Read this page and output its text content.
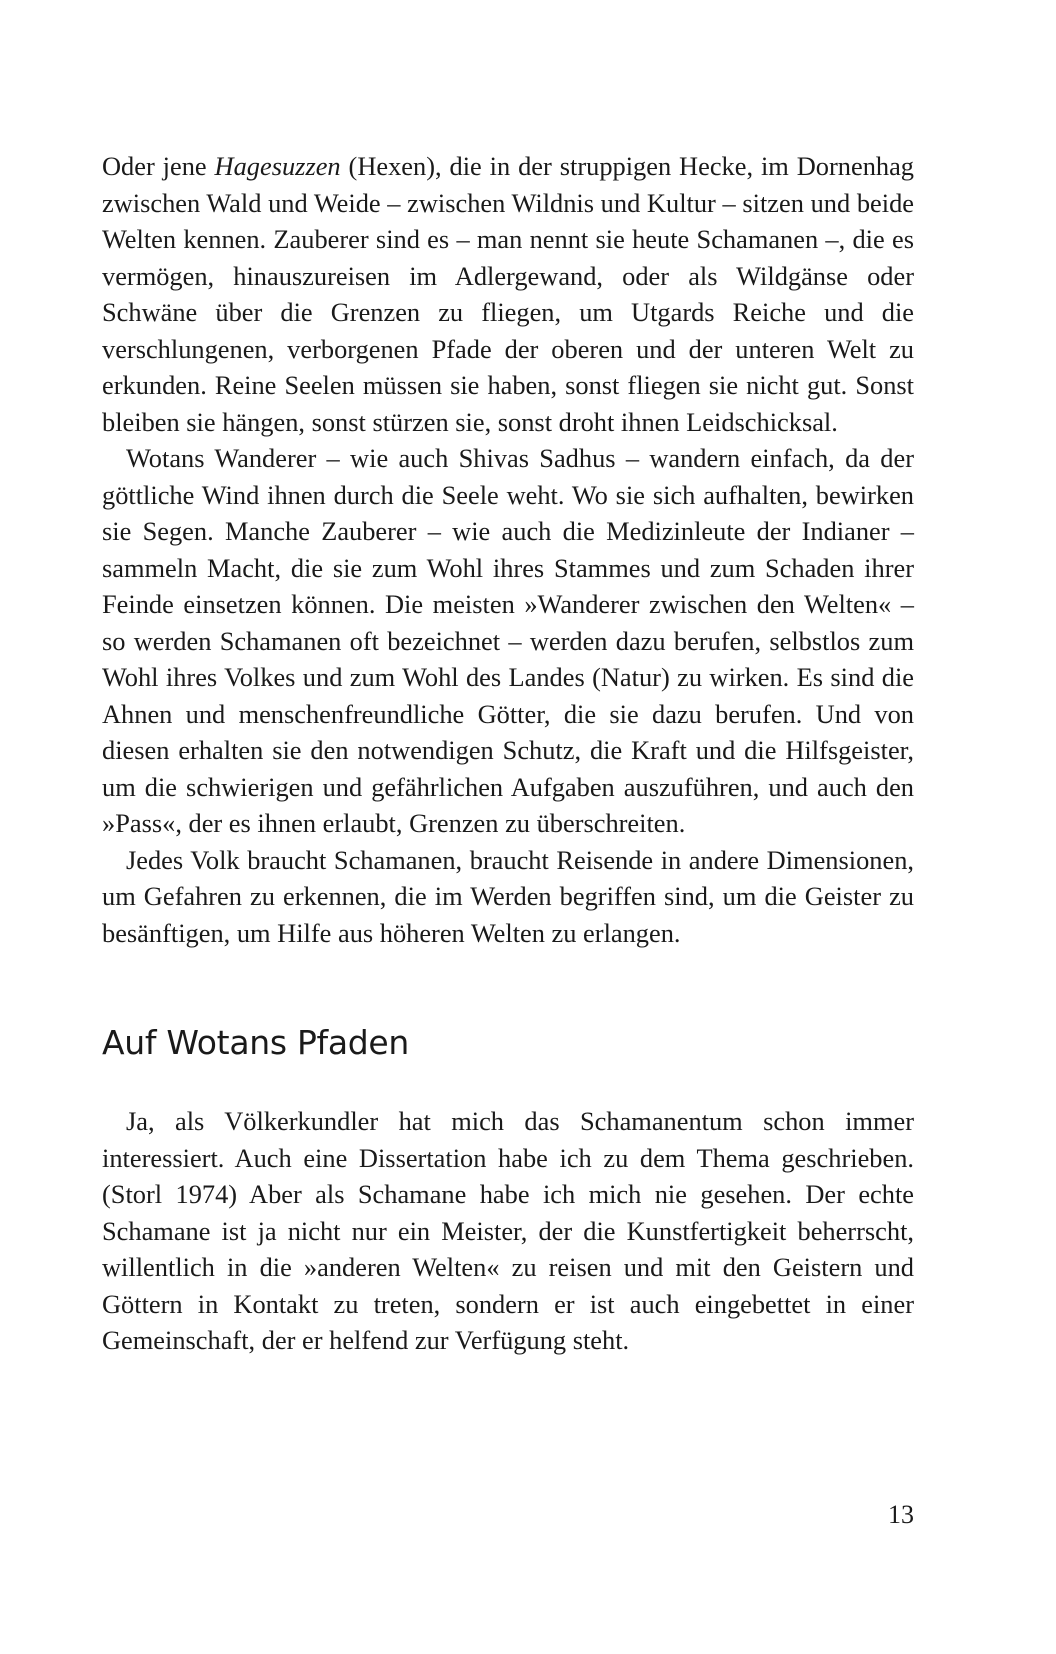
Oder jene Hagesuzzen (Hexen), die in der struppigen Hecke, im Dornenhag zwischen Wald und Weide – zwischen Wildnis und Kultur – sitzen und beide Welten kennen. Zauberer sind es – man nennt sie heute Schamanen –, die es vermögen, hinauszureisen im Adlergewand, oder als Wildgänse oder Schwäne über die Grenzen zu fliegen, um Utgards Reiche und die verschlungenen, verborgenen Pfade der oberen und der unteren Welt zu erkunden. Reine Seelen müssen sie haben, sonst fliegen sie nicht gut. Sonst bleiben sie hängen, sonst stürzen sie, sonst droht ihnen Leidschicksal.

Wotans Wanderer – wie auch Shivas Sadhus – wandern einfach, da der göttliche Wind ihnen durch die Seele weht. Wo sie sich aufhalten, bewirken sie Segen. Manche Zauberer – wie auch die Medizinleute der Indianer – sammeln Macht, die sie zum Wohl ihres Stammes und zum Schaden ihrer Feinde einsetzen können. Die meisten »Wanderer zwischen den Welten« – so werden Schamanen oft bezeichnet – werden dazu berufen, selbstlos zum Wohl ihres Volkes und zum Wohl des Landes (Natur) zu wirken. Es sind die Ahnen und menschenfreundliche Götter, die sie dazu berufen. Und von diesen erhalten sie den notwendigen Schutz, die Kraft und die Hilfsgeister, um die schwierigen und gefährlichen Aufgaben auszuführen, und auch den »Pass«, der es ihnen erlaubt, Grenzen zu überschreiten.

Jedes Volk braucht Schamanen, braucht Reisende in andere Dimensionen, um Gefahren zu erkennen, die im Werden begriffen sind, um die Geister zu besänftigen, um Hilfe aus höheren Welten zu erlangen.

Auf Wotans Pfaden

Ja, als Völkerkundler hat mich das Schamanentum schon immer interessiert. Auch eine Dissertation habe ich zu dem Thema geschrieben. (Storl 1974) Aber als Schamane habe ich mich nie gesehen. Der echte Schamane ist ja nicht nur ein Meister, der die Kunstfertigkeit beherrscht, willentlich in die »anderen Welten« zu reisen und mit den Geistern und Göttern in Kontakt zu treten, sondern er ist auch eingebettet in einer Gemeinschaft, der er helfend zur Verfügung steht.

13
